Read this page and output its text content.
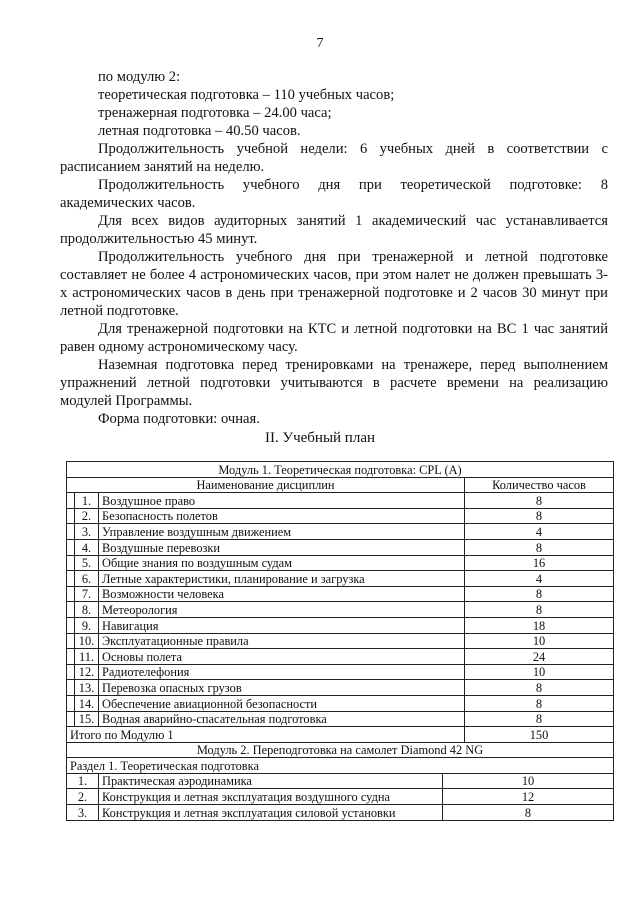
7

по модулю 2:

теоретическая подготовка – 110 учебных часов;

тренажерная подготовка – 24.00 часа;

летная подготовка – 40.50 часов.

Продолжительность учебной недели: 6 учебных дней в соответствии с расписанием занятий на неделю.

Продолжительность учебного дня при теоретической подготовке: 8 академических часов.

Для всех видов аудиторных занятий 1 академический час устанавливается продолжительностью 45 минут.

Продолжительность учебного дня при тренажерной и летной подготовке составляет не более 4 астрономических часов, при этом налет не должен превышать 3-х астрономических часов в день при тренажерной подготовке и 2 часов 30 минут при летной подготовке.

Для тренажерной подготовки на КТС и летной подготовки на ВС 1 час занятий равен одному астрономическому часу.

Наземная подготовка перед тренировками на тренажере, перед выполнением упражнений летной подготовки учитываются в расчете времени на реализацию модулей Программы.

Форма подготовки: очная.

II. Учебный план
Модуль 1. Теоретическая подготовка: CPL (A)				
Наименование дисциплин				Количество часов
	1.	Воздушное право		8
	2.	Безопасность полетов		8
	3.	Управление воздушным движением		4
	4.	Воздушные перевозки		8
	5.	Общие знания по воздушным судам		16
	6.	Летные характеристики, планирование и загрузка		4
	7.	Возможности человека		8
	8.	Метеорология		8
	9.	Навигация		18
	10.	Эксплуатационные правила		10
	11.	Основы полета		24
	12.	Радиотелефония		10
	13.	Перевозка опасных грузов		8
	14.	Обеспечение авиационной безопасности		8
	15.	Водная аварийно-спасательная подготовка		8
Итого по Модулю 1				150
Модуль 2. Переподготовка на самолет Diamond 42 NG				
Раздел 1. Теоретическая подготовка				
1.		Практическая аэродинамика	10	
2.		Конструкция и летная эксплуатация воздушного судна	12	
3.		Конструкция и летная эксплуатация силовой установки	8	
